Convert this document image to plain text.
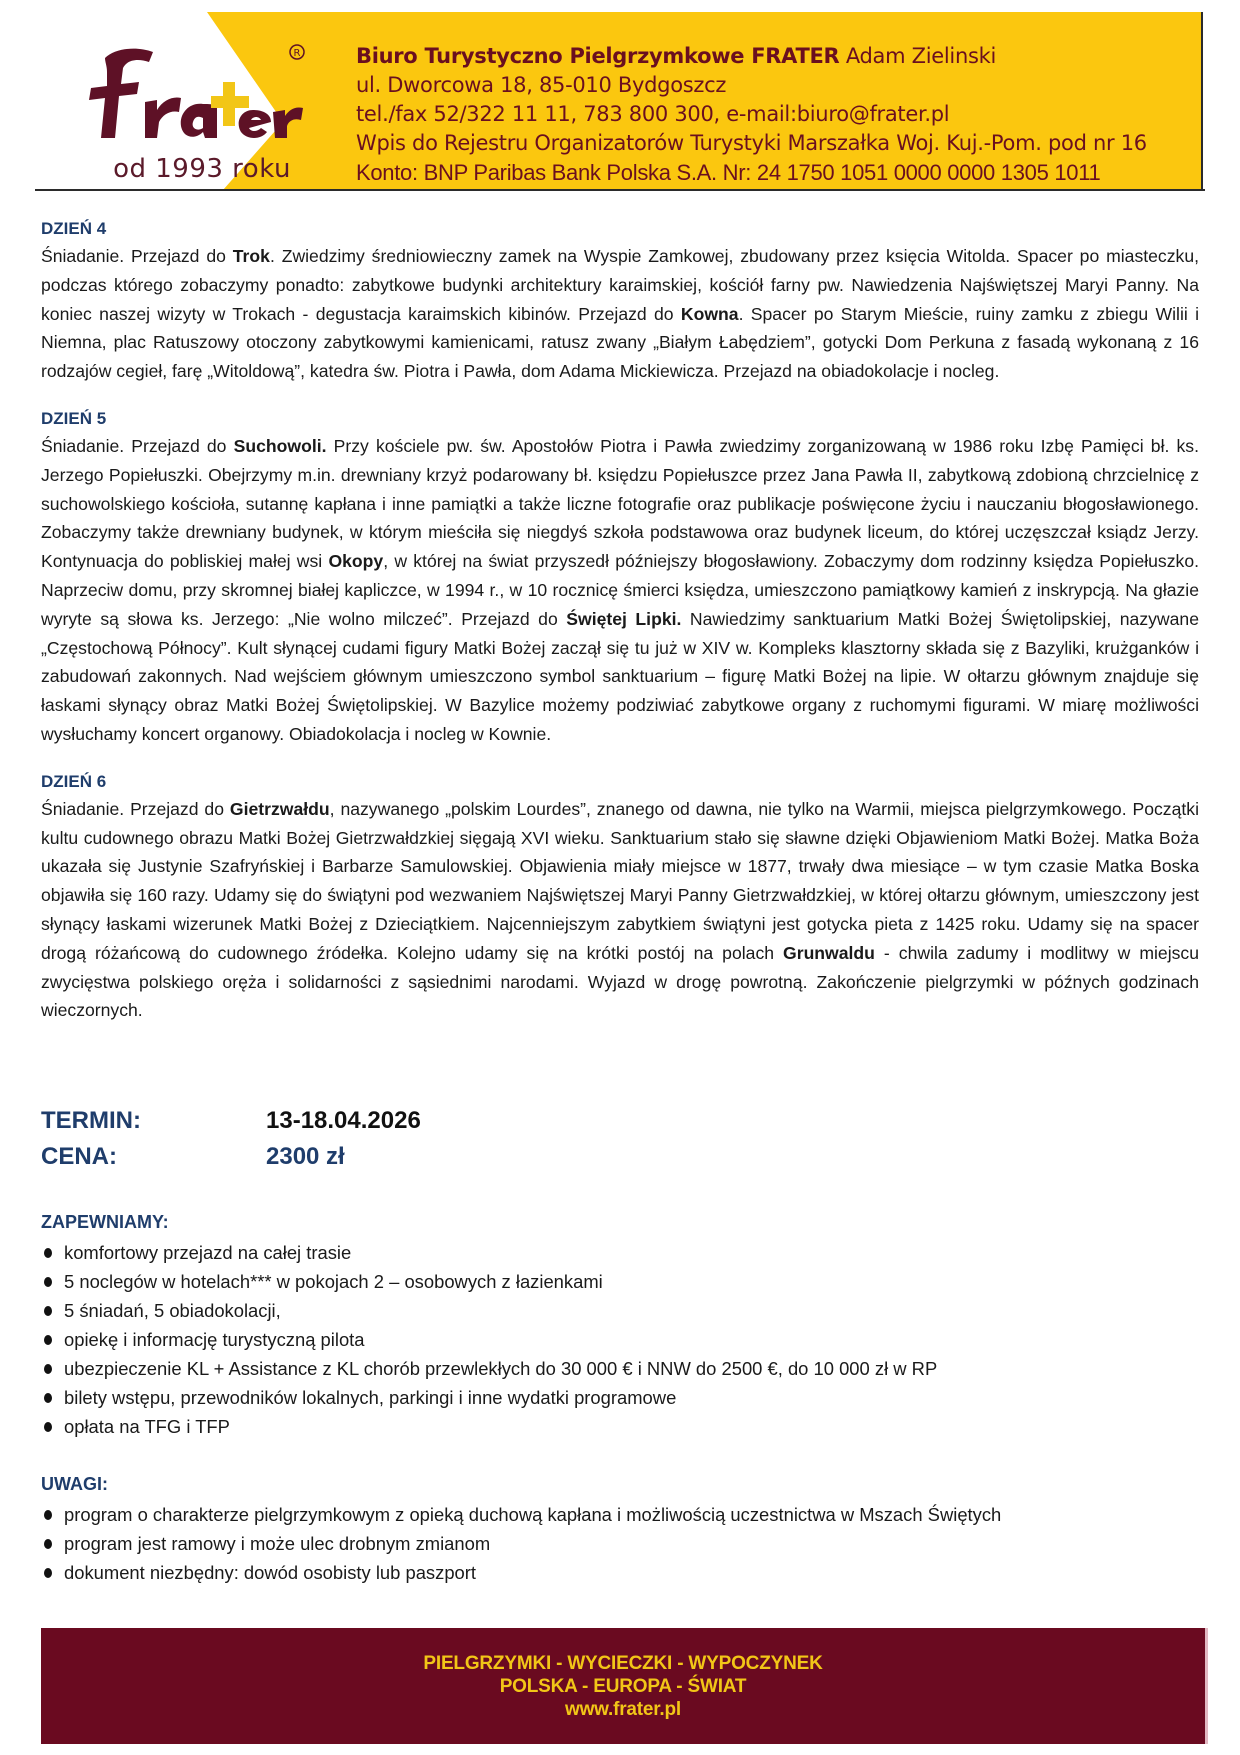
R
od 1993 roku
Biuro Turystyczno Pielgrzymkowe FRATER Adam Zielinski
ul. Dworcowa 18, 85-010 Bydgoszcz
tel./fax 52/322 11 11, 783 800 300, e-mail:biuro@frater.pl
Wpis do Rejestru Organizatorów Turystyki Marszałka Woj. Kuj.-Pom. pod nr 16
Konto: BNP Paribas Bank Polska S.A. Nr: 24 1750 1051 0000 0000 1305 1011
DZIEŃ 4

Śniadanie. Przejazd do Trok. Zwiedzimy średniowieczny zamek na Wyspie Zamkowej, zbudowany przez księcia Witolda. Spacer po miasteczku, podczas którego zobaczymy ponadto: zabytkowe budynki architektury karaimskiej, kościół farny pw. Nawiedzenia Najświętszej Maryi Panny. Na koniec naszej wizyty w Trokach - degustacja karaimskich kibinów. Przejazd do Kowna. Spacer po Starym Mieście, ruiny zamku z zbiegu Wilii i Niemna, plac Ratuszowy otoczony zabytkowymi kamienicami, ratusz zwany „Białym Łabędziem”, gotycki Dom Perkuna z fasadą wykonaną z 16 rodzajów cegieł, farę „Witoldową”, katedra św. Piotra i Pawła, dom Adama Mickiewicza. Przejazd na obiadokolacje i nocleg.

DZIEŃ 5

Śniadanie. Przejazd do Suchowoli. Przy kościele pw. św. Apostołów Piotra i Pawła zwiedzimy zorganizowaną w 1986 roku Izbę Pamięci bł. ks. Jerzego Popiełuszki. Obejrzymy m.in. drewniany krzyż podarowany bł. księdzu Popiełuszce przez Jana Pawła II, zabytkową zdobioną chrzcielnicę z suchowolskiego kościoła, sutannę kapłana i inne pamiątki a także liczne fotografie oraz publikacje poświęcone życiu i nauczaniu błogosławionego. Zobaczymy także drewniany budynek, w którym mieściła się niegdyś szkoła podstawowa oraz budynek liceum, do której uczęszczał ksiądz Jerzy. Kontynuacja do pobliskiej małej wsi Okopy, w której na świat przyszedł późniejszy błogosławiony. Zobaczymy dom rodzinny księdza Popiełuszko. Naprzeciw domu, przy skromnej białej kapliczce, w 1994 r., w 10 rocznicę śmierci księdza, umieszczono pamiątkowy kamień z inskrypcją. Na głazie wyryte są słowa ks. Jerzego: „Nie wolno milczeć”. Przejazd do Świętej Lipki. Nawiedzimy sanktuarium Matki Bożej Świętolipskiej, nazywane „Częstochową Północy”. Kult słynącej cudami figury Matki Bożej zaczął się tu już w XIV w. Kompleks klasztorny składa się z Bazyliki, krużganków i zabudowań zakonnych. Nad wejściem głównym umieszczono symbol sanktuarium – figurę Matki Bożej na lipie. W ołtarzu głównym znajduje się łaskami słynący obraz Matki Bożej Świętolipskiej. W Bazylice możemy podziwiać zabytkowe organy z ruchomymi figurami. W miarę możliwości wysłuchamy koncert organowy. Obiadokolacja i nocleg w Kownie.

DZIEŃ 6

Śniadanie. Przejazd do Gietrzwałdu, nazywanego „polskim Lourdes”, znanego od dawna, nie tylko na Warmii, miejsca pielgrzymkowego. Początki kultu cudownego obrazu Matki Bożej Gietrzwałdzkiej sięgają XVI wieku. Sanktuarium stało się sławne dzięki Objawieniom Matki Bożej. Matka Boża ukazała się Justynie Szafryńskiej i Barbarze Samulowskiej. Objawienia miały miejsce w 1877, trwały dwa miesiące – w tym czasie Matka Boska objawiła się 160 razy. Udamy się do świątyni pod wezwaniem Najświętszej Maryi Panny Gietrzwałdzkiej, w której ołtarzu głównym, umieszczony jest słynący łaskami wizerunek Matki Bożej z Dzieciątkiem. Najcenniejszym zabytkiem świątyni jest gotycka pieta z 1425 roku. Udamy się na spacer drogą różańcową do cudownego źródełka. Kolejno udamy się na krótki postój na polach Grunwaldu - chwila zadumy i modlitwy w miejscu zwycięstwa polskiego oręża i solidarności z sąsiednimi narodami. Wyjazd w drogę powrotną. Zakończenie pielgrzymki w późnych godzinach wieczornych.

TERMIN:	13-18.04.2026
CENA:	2300 zł
ZAPEWNIAMY:
komfortowy przejazd na całej trasie
5 noclegów w hotelach*** w pokojach 2 – osobowych z łazienkami
5 śniadań, 5 obiadokolacji,
opiekę i informację turystyczną pilota
ubezpieczenie KL + Assistance z KL chorób przewlekłych do 30 000 € i NNW do 2500 €, do 10 000 zł w RP
bilety wstępu, przewodników lokalnych, parkingi i inne wydatki programowe
opłata na TFG i TFP
UWAGI:
program o charakterze pielgrzymkowym z opieką duchową kapłana i możliwością uczestnictwa w Mszach Świętych
program jest ramowy i może ulec drobnym zmianom
dokument niezbędny: dowód osobisty lub paszport
PIELGRZYMKI - WYCIECZKI - WYPOCZYNEK
POLSKA - EUROPA - ŚWIAT
www.frater.pl
